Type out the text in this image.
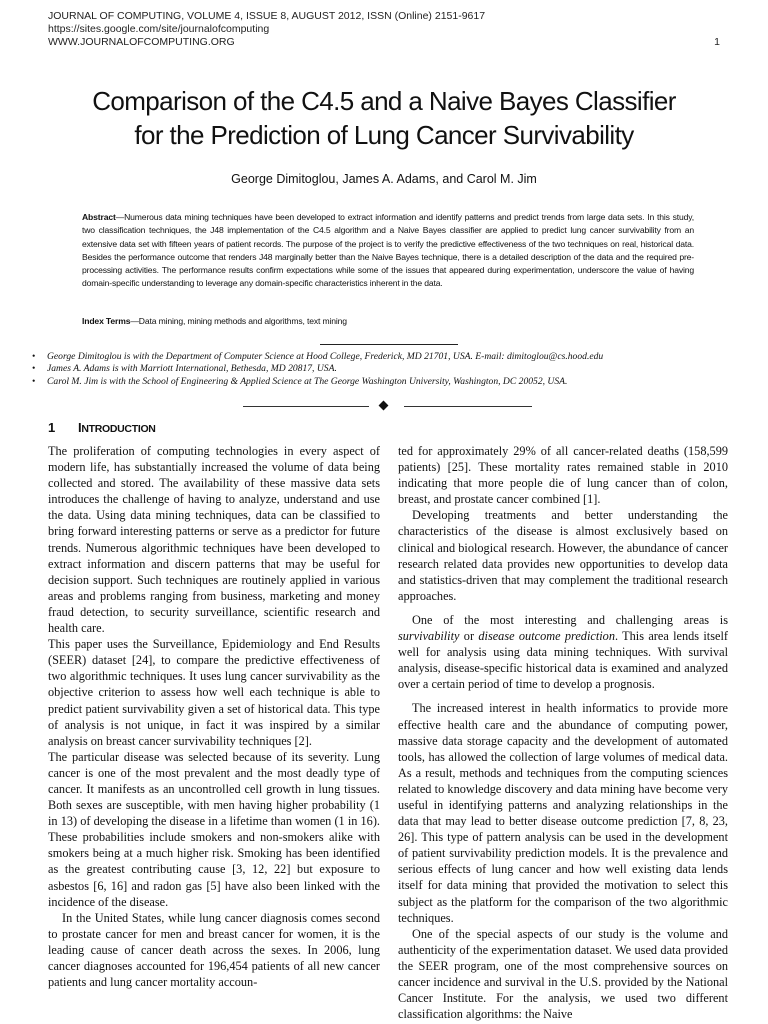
JOURNAL OF COMPUTING, VOLUME 4, ISSUE 8, AUGUST 2012, ISSN (Online) 2151-9617
https://sites.google.com/site/journalofcomputing
WWW.JOURNALOFCOMPUTING.ORG	1
Comparison of the C4.5 and a Naive Bayes Classifier
for the Prediction of Lung Cancer Survivability
George Dimitoglou, James A. Adams, and Carol M. Jim
Abstract—Numerous data mining techniques have been developed to extract information and identify patterns and predict trends from large data sets. In this study, two classification techniques, the J48 implementation of the C4.5 algorithm and a Naive Bayes classifier are applied to predict lung cancer survivability from an extensive data set with fifteen years of patient records. The purpose of the project is to verify the predictive effectiveness of the two techniques on real, historical data. Besides the performance outcome that renders J48 marginally better than the Naive Bayes technique, there is a detailed description of the data and the required pre-processing activities. The performance results confirm expectations while some of the issues that appeared during experimentation, underscore the value of having domain-specific understanding to leverage any domain-specific characteristics inherent in the data.
Index Terms—Data mining, mining methods and algorithms, text mining
• George Dimitoglou is with the Department of Computer Science at Hood College, Frederick, MD 21701, USA. E-mail: dimitoglou@cs.hood.edu
• James A. Adams is with Marriott International, Bethesda, MD 20817, USA.
• Carol M. Jim is with the School of Engineering & Applied Science at The George Washington University, Washington, DC 20052, USA.
1 INTRODUCTION

The proliferation of computing technologies in every aspect of modern life, has substantially increased the volume of data being collected and stored. The availability of these massive data sets introduces the challenge of having to analyze, understand and use the data. Using data mining techniques, data can be classified to bring forward interesting patterns or serve as a predictor for future trends. Numerous algorithmic techniques have been developed to extract information and discern patterns that may be useful for decision support. Such techniques are routinely applied in various areas and problems ranging from business, marketing and money fraud detection, to security surveillance, scientific research and health care.

This paper uses the Surveillance, Epidemiology and End Results (SEER) dataset [24], to compare the predictive effectiveness of two algorithmic techniques. It uses lung cancer survivability as the objective criterion to assess how well each technique is able to predict patient survivability given a set of historical data. This type of analysis is not unique, in fact it was inspired by a similar analysis on breast cancer survivability techniques [2].

The particular disease was selected because of its severity. Lung cancer is one of the most prevalent and the most deadly type of cancer. It manifests as an uncontrolled cell growth in lung tissues. Both sexes are susceptible, with men having higher probability (1 in 13) of developing the disease in a lifetime than women (1 in 16). These probabilities include smokers and non-smokers alike with smokers being at a much higher risk. Smoking has been identified as the greatest contributing cause [3, 12, 22] but exposure to asbestos [6, 16] and radon gas [5] have also been linked with the incidence of the disease.

In the United States, while lung cancer diagnosis comes second to prostate cancer for men and breast cancer for women, it is the leading cause of cancer death across the sexes. In 2006, lung cancer diagnoses accounted for 196,454 patients of all new cancer patients and lung cancer mortality accoun-

ted for approximately 29% of all cancer-related deaths (158,599 patients) [25]. These mortality rates remained stable in 2010 indicating that more people die of lung cancer than of colon, breast, and prostate cancer combined [1].

Developing treatments and better understanding the characteristics of the disease is almost exclusively based on clinical and biological research. However, the abundance of cancer research related data provides new opportunities to develop data and statistics-driven that may complement the traditional research approaches.

One of the most interesting and challenging areas is survivability or disease outcome prediction. This area lends itself well for analysis using data mining techniques. With survival analysis, disease-specific historical data is examined and analyzed over a certain period of time to develop a prognosis.

The increased interest in health informatics to provide more effective health care and the abundance of computing power, massive data storage capacity and the development of automated tools, has allowed the collection of large volumes of medical data. As a result, methods and techniques from the computing sciences related to knowledge discovery and data mining have become very useful in identifying patterns and analyzing relationships in the data that may lead to better disease outcome prediction [7, 8, 23, 26]. This type of pattern analysis can be used in the development of patient survivability prediction models. It is the prevalence and serious effects of lung cancer and how well existing data lends itself for data mining that provided the motivation to select this subject as the platform for the comparison of the two algorithmic techniques.

One of the special aspects of our study is the volume and authenticity of the experimentation dataset. We used data provided the SEER program, one of the most comprehensive sources on cancer incidence and survival in the U.S. provided by the National Cancer Institute. For the analysis, we used two different classification algorithms: the Naive
